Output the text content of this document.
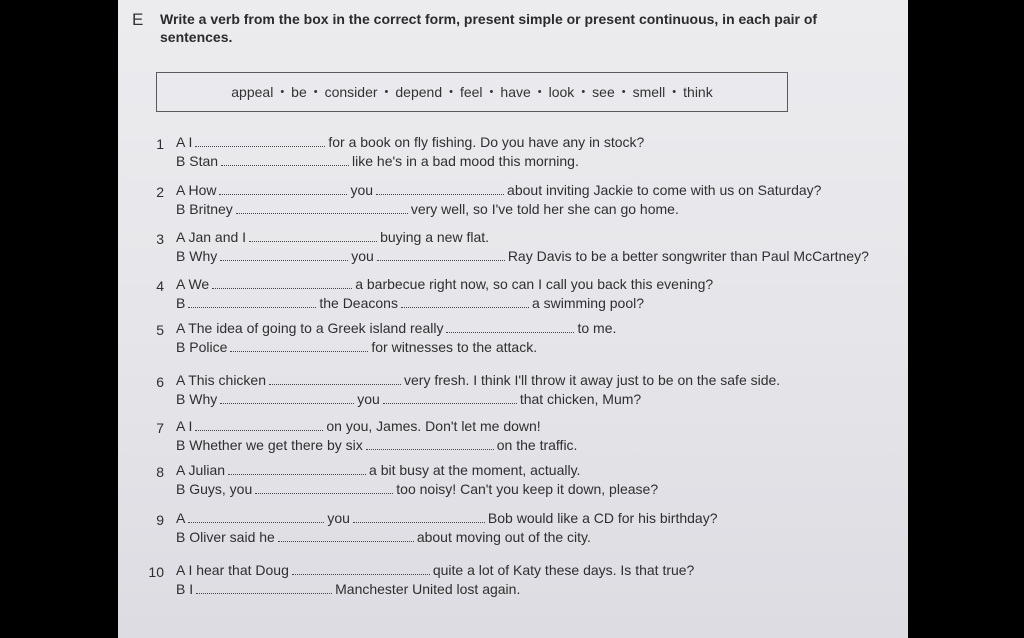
E Write a verb from the box in the correct form, present simple or present continuous, in each pair of sentences.
appeal • be • consider • depend • feel • have • look • see • smell • think
1 A I	for a book on fly fishing. Do you have any in stock?
B Stan	like he's in a bad mood this morning.
2 A How	you	about inviting Jackie to come with us on Saturday?
B Britney	very well, so I've told her she can go home.
3 A Jan and I	buying a new flat.
B Why	you	Ray Davis to be a better songwriter than Paul McCartney?
4 A We	a barbecue right now, so can I call you back this evening?
B	the Deacons	a swimming pool?
5 A The idea of going to a Greek island really	to me.
B Police	for witnesses to the attack.
6 A This chicken	very fresh. I think I'll throw it away just to be on the safe side.
B Why	you	that chicken, Mum?
7 A I	on you, James. Don't let me down!
B Whether we get there by six	on the traffic.
8 A Julian	a bit busy at the moment, actually.
B Guys, you	too noisy! Can't you keep it down, please?
9 A	you	Bob would like a CD for his birthday?
B Oliver said he	about moving out of the city.
10 A I hear that Doug	quite a lot of Katy these days. Is that true?
B I	Manchester United lost again.
